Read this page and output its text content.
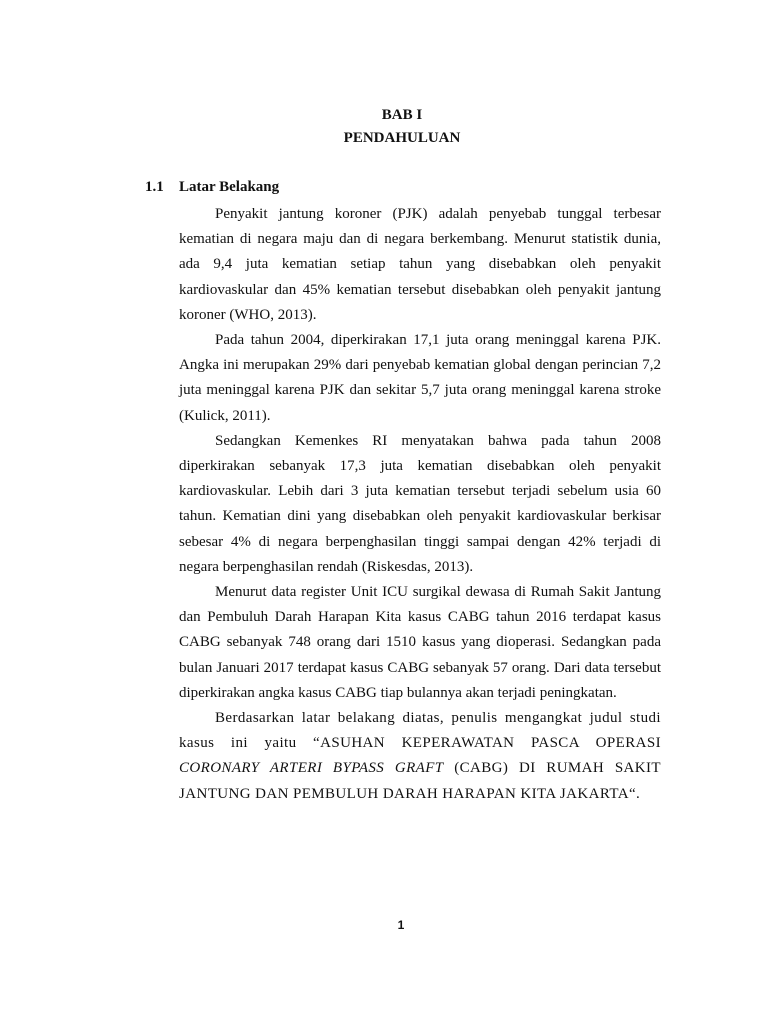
BAB I
PENDAHULUAN
1.1 Latar Belakang

Penyakit jantung koroner (PJK) adalah penyebab tunggal terbesar kematian di negara maju dan di negara berkembang. Menurut statistik dunia, ada 9,4 juta kematian setiap tahun yang disebabkan oleh penyakit kardiovaskular dan 45% kematian tersebut disebabkan oleh penyakit jantung koroner (WHO, 2013).

Pada tahun 2004, diperkirakan 17,1 juta orang meninggal karena PJK. Angka ini merupakan 29% dari penyebab kematian global dengan perincian 7,2 juta meninggal karena PJK dan sekitar 5,7 juta orang meninggal karena stroke (Kulick, 2011).

Sedangkan Kemenkes RI menyatakan bahwa pada tahun 2008 diperkirakan sebanyak 17,3 juta kematian disebabkan oleh penyakit kardiovaskular. Lebih dari 3 juta kematian tersebut terjadi sebelum usia 60 tahun. Kematian dini yang disebabkan oleh penyakit kardiovaskular berkisar sebesar 4% di negara berpenghasilan tinggi sampai dengan 42% terjadi di negara berpenghasilan rendah (Riskesdas, 2013).

Menurut data register Unit ICU surgikal dewasa di Rumah Sakit Jantung dan Pembuluh Darah Harapan Kita kasus CABG tahun 2016 terdapat kasus CABG sebanyak 748 orang dari 1510 kasus yang dioperasi. Sedangkan pada bulan Januari 2017 terdapat kasus CABG sebanyak 57 orang. Dari data tersebut diperkirakan angka kasus CABG tiap bulannya akan terjadi peningkatan.

Berdasarkan latar belakang diatas, penulis mengangkat judul studi kasus ini yaitu “ASUHAN KEPERAWATAN PASCA OPERASI CORONARY ARTERI BYPASS GRAFT (CABG) DI RUMAH SAKIT JANTUNG DAN PEMBULUH DARAH HARAPAN KITA JAKARTA“.

1
